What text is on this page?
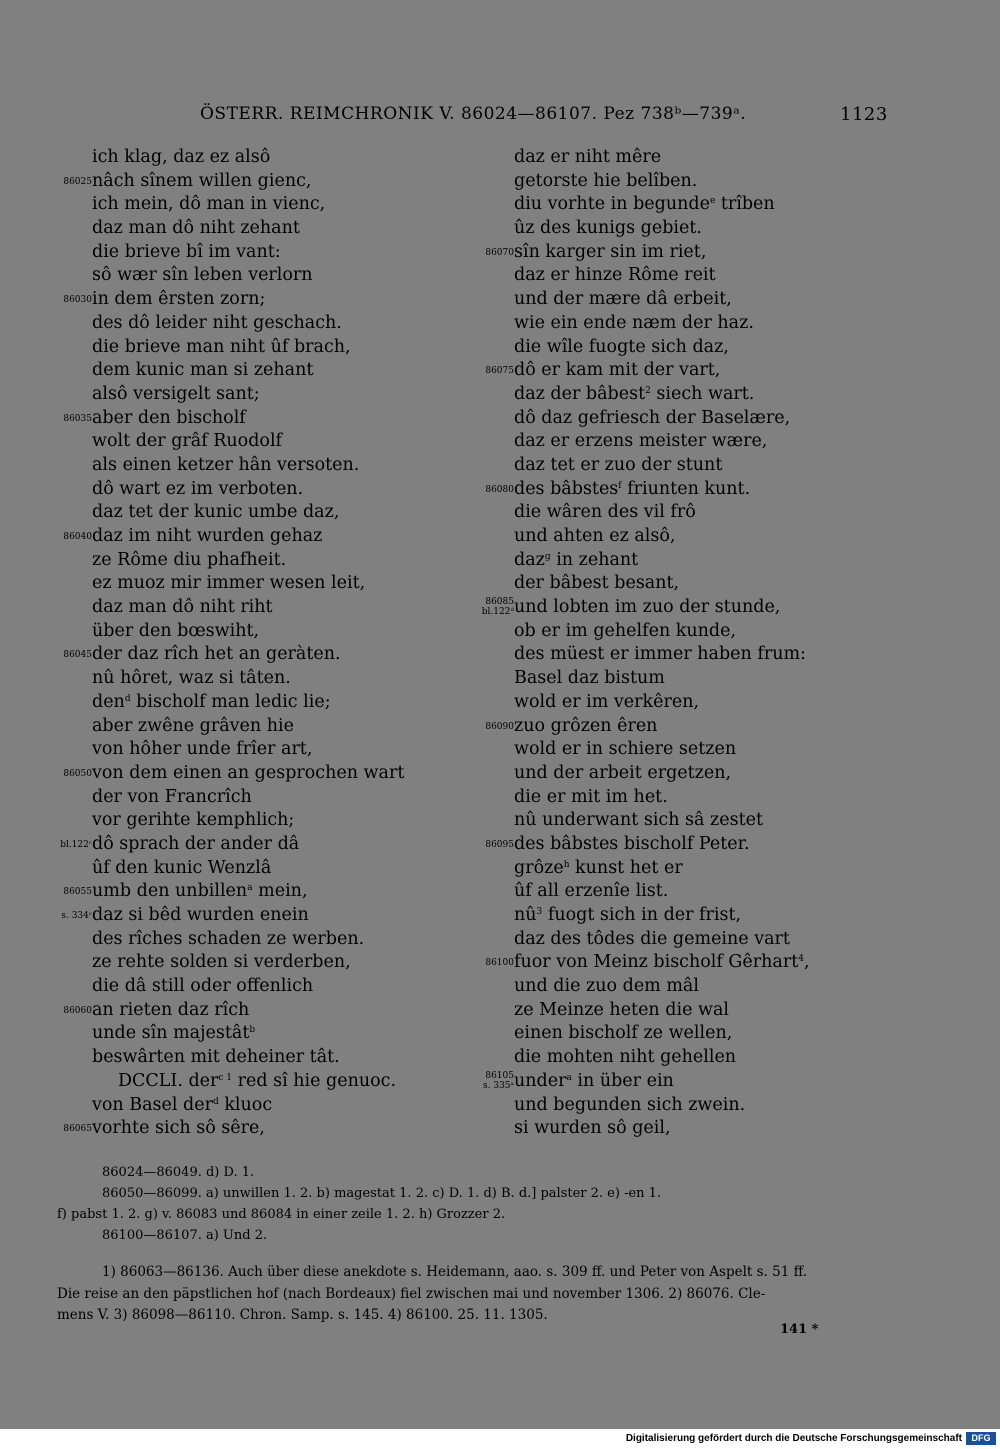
ÖSTERR. REIMCHRONIK V. 86024—86107. Pez 738ᵇ—739ᵃ.	1123
ich klag, daz ez alsô
86025 nâch sînem willen gienc,
ich mein, dô man in vienc,
daz man dô niht zehant
die brieve bî im vant:
sô wær sîn leben verlorn
86030 in dem êrsten zorn;
des dô leider niht geschach.
die brieve man niht ûf brach,
dem kunic man si zehant
alsô versigelt sant;
86035 aber den bischolf
wolt der grâf Ruodolf
als einen ketzer hân versoten.
dô wart ez im verboten.
daz tet der kunic umbe daz,
86040 daz im niht wurden gehaz
ze Rôme diu phafheit.
ez muoz mir immer wesen leit,
daz man dô niht riht
über den bœswiht,
86045 der daz rîch het an geràten.
nû hôret, waz si tâten.
den$^d$ bischolf man ledic lie;
aber zwêne grâven hie
von hôher unde frîer art,
86050 von dem einen an gesprochen wart
der von Francrîch
vor gerihte kemphlich;
bl.122ᶜ dô sprach der ander dâ
ûf den kunic Wenzlâ
86055 umb den unbillen$^a$ mein,
s. 334ᶜ daz si bêd wurden enein
des rîches schaden ze werben.
ze rehte solden si verderben,
die dâ still oder offenlich
86060 an rieten daz rîch
unde sîn majestât$^b$
beswârten mit deheiner tât.
DCCLI. der$^{c 1}$ red sî hie genuoc.
von Basel der$^d$ kluoc
86065 vorhte sich sô sêre,
daz er niht mêre
getorste hie belîben.
diu vorhte in begunde$^e$ trîben
ûz des kunigs gebiet.
86070 sîn karger sin im riet,
daz er hinze Rôme reit
und der mære dâ erbeit,
wie ein ende næm der haz.
die wîle fuogte sich daz,
86075 dô er kam mit der vart,
daz der bâbest$^2$ siech wart.
dô daz gefriesch der Baselære,
daz er erzens meister wære,
daz tet er zuo der stunt
86080 des bâbstes$^f$ friunten kunt.
die wâren des vil frô
und ahten ez alsô,
daz$^g$ in zehant
der bâbest besant,
86085
bl.122ᵈ und lobten im zuo der stunde,
ob er im gehelfen kunde,
des müest er immer haben frum:
Basel daz bistum
wold er im verkêren,
86090 zuo grôzen êren
wold er in schiere setzen
und der arbeit ergetzen,
die er mit im het.
nû underwant sich sâ zestet
86095 des bâbstes bischolf Peter.
grôze$^h$ kunst het er
ûf all erzenîe list.
$nû^3$ fuogt sich in der frist,
daz des tôdes die gemeine vart
86100 fuor von Meinz bischolf Gêrhart$^4$,
und die zuo dem mâl
ze Meinze heten die wal
einen bischolf ze wellen,
die mohten niht gehellen
86105
s. 335ᵃ under$^a$ in über ein
und begunden sich zwein.
si wurden sô geil,
86024—86049. d) D. 1.
86050—86099. a) unwillen 1. 2. b) magestat 1. 2. c) D. 1. d) B. d.] palster 2. e) -en 1.
f) pabst 1. 2. g) v. 86083 und 86084 in einer zeile 1. 2. h) Grozzer 2.
86100—86107. a) Und 2.
1) 86063—86136. Auch über diese anekdote s. Heidemann, aao. s. 309 ff. und Peter von Aspelt s. 51 ff.
Die reise an den päpstlichen hof (nach Bordeaux) fiel zwischen mai und november 1306. 2) 86076. Cle-
mens V. 3) 86098—86110. Chron. Samp. s. 145. 4) 86100. 25. 11. 1305.
141 *
Digitalisierung gefördert durch die Deutsche Forschungsgemeinschaft	DFG
